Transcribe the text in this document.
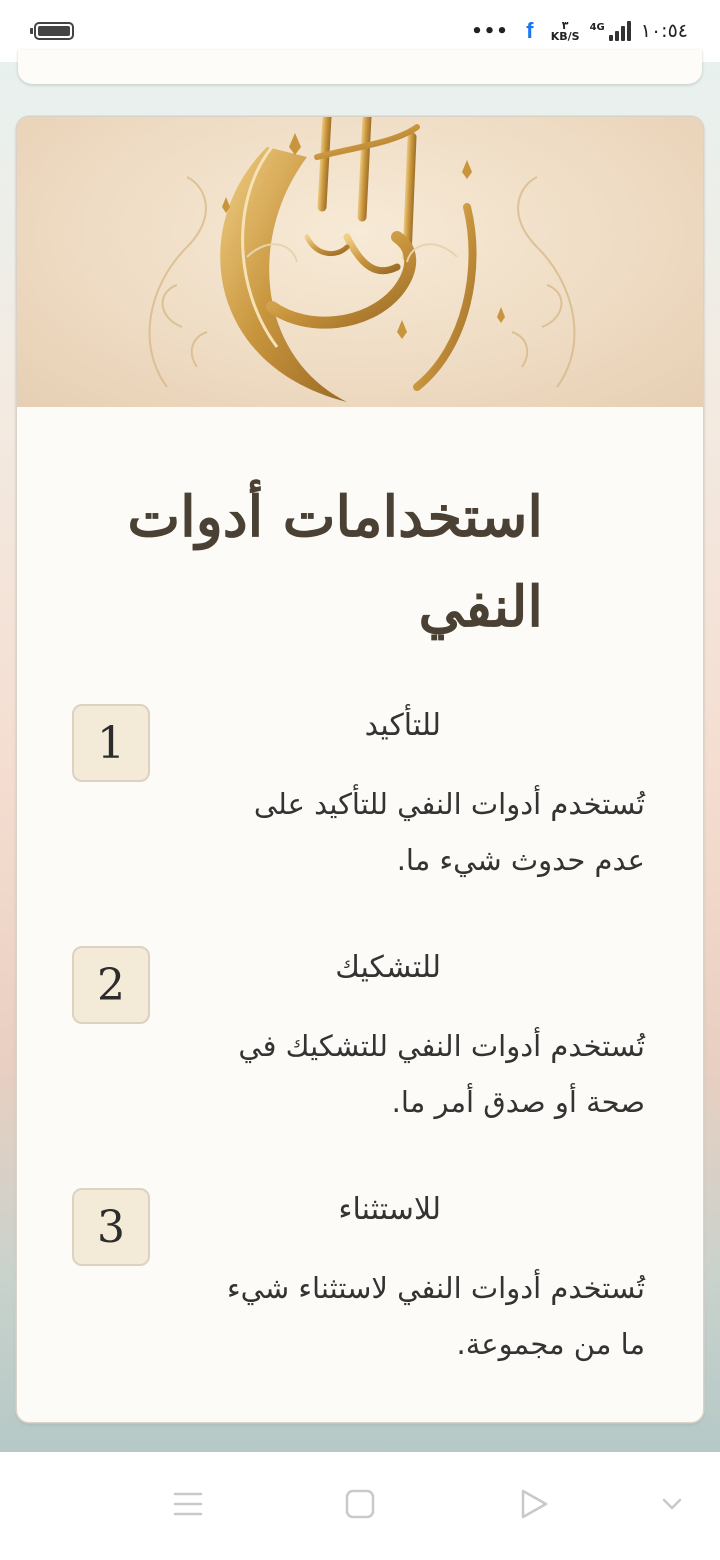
••• f	٣
KB/S
4G ١٠:٥٤
استخدامات أدوات النفي
1	للتأكيد
تُستخدم أدوات النفي للتأكيد على عدم حدوث شيء ما.
2	للتشكيك
تُستخدم أدوات النفي للتشكيك في صحة أو صدق أمر ما.
3	للاستثناء
تُستخدم أدوات النفي لاستثناء شيء ما من مجموعة.
